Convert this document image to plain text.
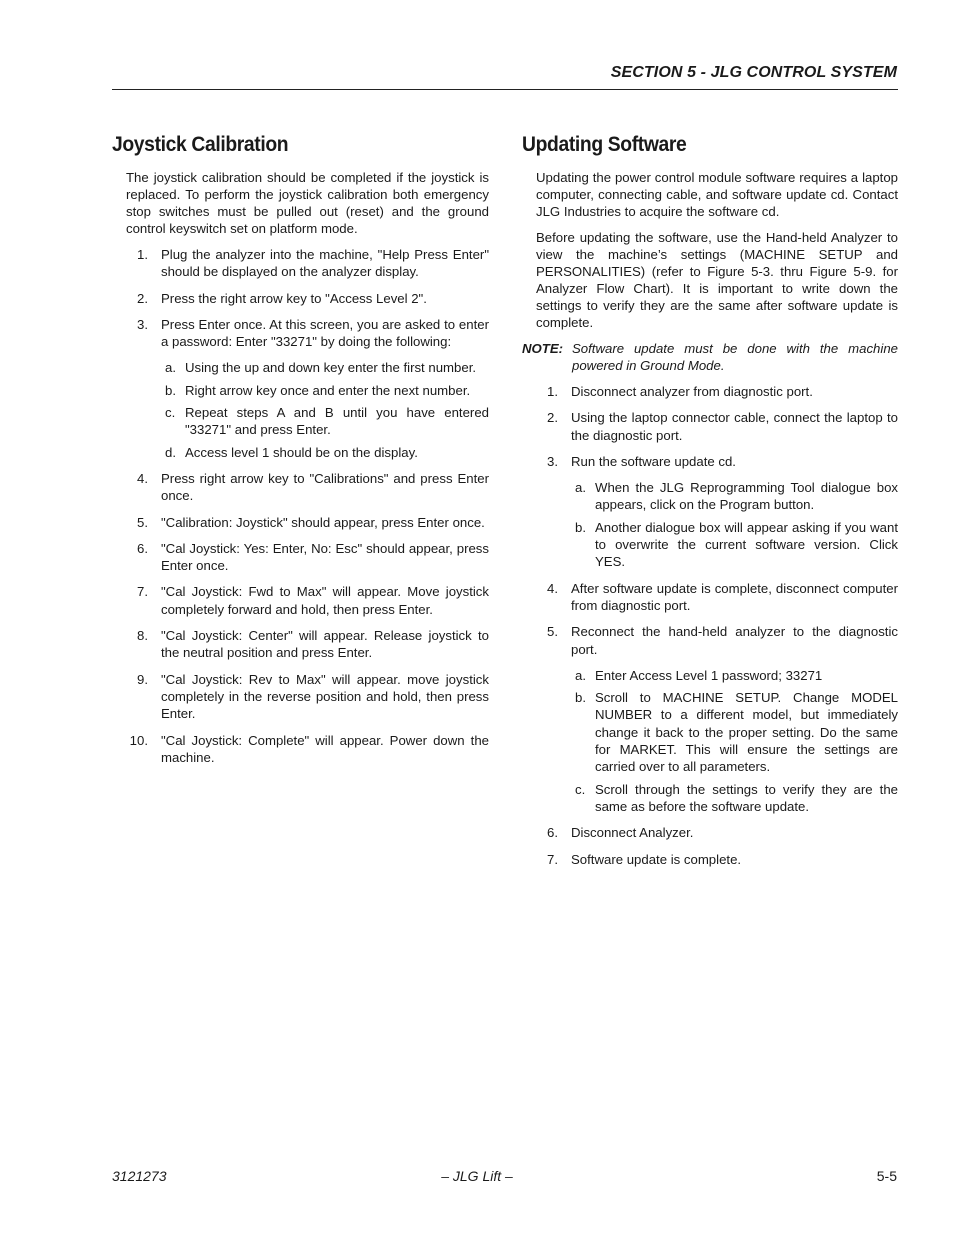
SECTION 5 - JLG CONTROL SYSTEM
Joystick Calibration

The joystick calibration should be completed if the joystick is replaced. To perform the joystick calibration both emergency stop switches must be pulled out (reset) and the ground control keyswitch set on platform mode.

1. Plug the analyzer into the machine, "Help Press Enter" should be displayed on the analyzer display.
2. Press the right arrow key to "Access Level 2".
3. Press Enter once. At this screen, you are asked to enter a password: Enter "33271" by doing the following:
a. Using the up and down key enter the first number.
b. Right arrow key once and enter the next number.
c. Repeat steps A and B until you have entered "33271" and press Enter.
d. Access level 1 should be on the display.
4. Press right arrow key to "Calibrations" and press Enter once.
5. "Calibration: Joystick" should appear, press Enter once.
6. "Cal Joystick: Yes: Enter, No: Esc" should appear, press Enter once.
7. "Cal Joystick: Fwd to Max" will appear. Move joystick completely forward and hold, then press Enter.
8. "Cal Joystick: Center" will appear. Release joystick to the neutral position and press Enter.
9. "Cal Joystick: Rev to Max" will appear. move joystick completely in the reverse position and hold, then press Enter.
10. "Cal Joystick: Complete" will appear. Power down the machine.
Updating Software

Updating the power control module software requires a laptop computer, connecting cable, and software update cd. Contact JLG Industries to acquire the software cd.

Before updating the software, use the Hand-held Analyzer to view the machine’s settings (MACHINE SETUP and PERSONALITIES) (refer to Figure 5-3. thru Figure 5-9. for Analyzer Flow Chart). It is important to write down the settings to verify they are the same after software update is complete.

NOTE: Software update must be done with the machine powered in Ground Mode.
1. Disconnect analyzer from diagnostic port.
2. Using the laptop connector cable, connect the laptop to the diagnostic port.
3. Run the software update cd.
a. When the JLG Reprogramming Tool dialogue box appears, click on the Program button.
b. Another dialogue box will appear asking if you want to overwrite the current software version. Click YES.
4. After software update is complete, disconnect computer from diagnostic port.
5. Reconnect the hand-held analyzer to the diagnostic port.
a. Enter Access Level 1 password; 33271
b. Scroll to MACHINE SETUP. Change MODEL NUMBER to a different model, but immediately change it back to the proper setting. Do the same for MARKET. This will ensure the settings are carried over to all parameters.
c. Scroll through the settings to verify they are the same as before the software update.
6. Disconnect Analyzer.
7. Software update is complete.
3121273	– JLG Lift –	5-5
